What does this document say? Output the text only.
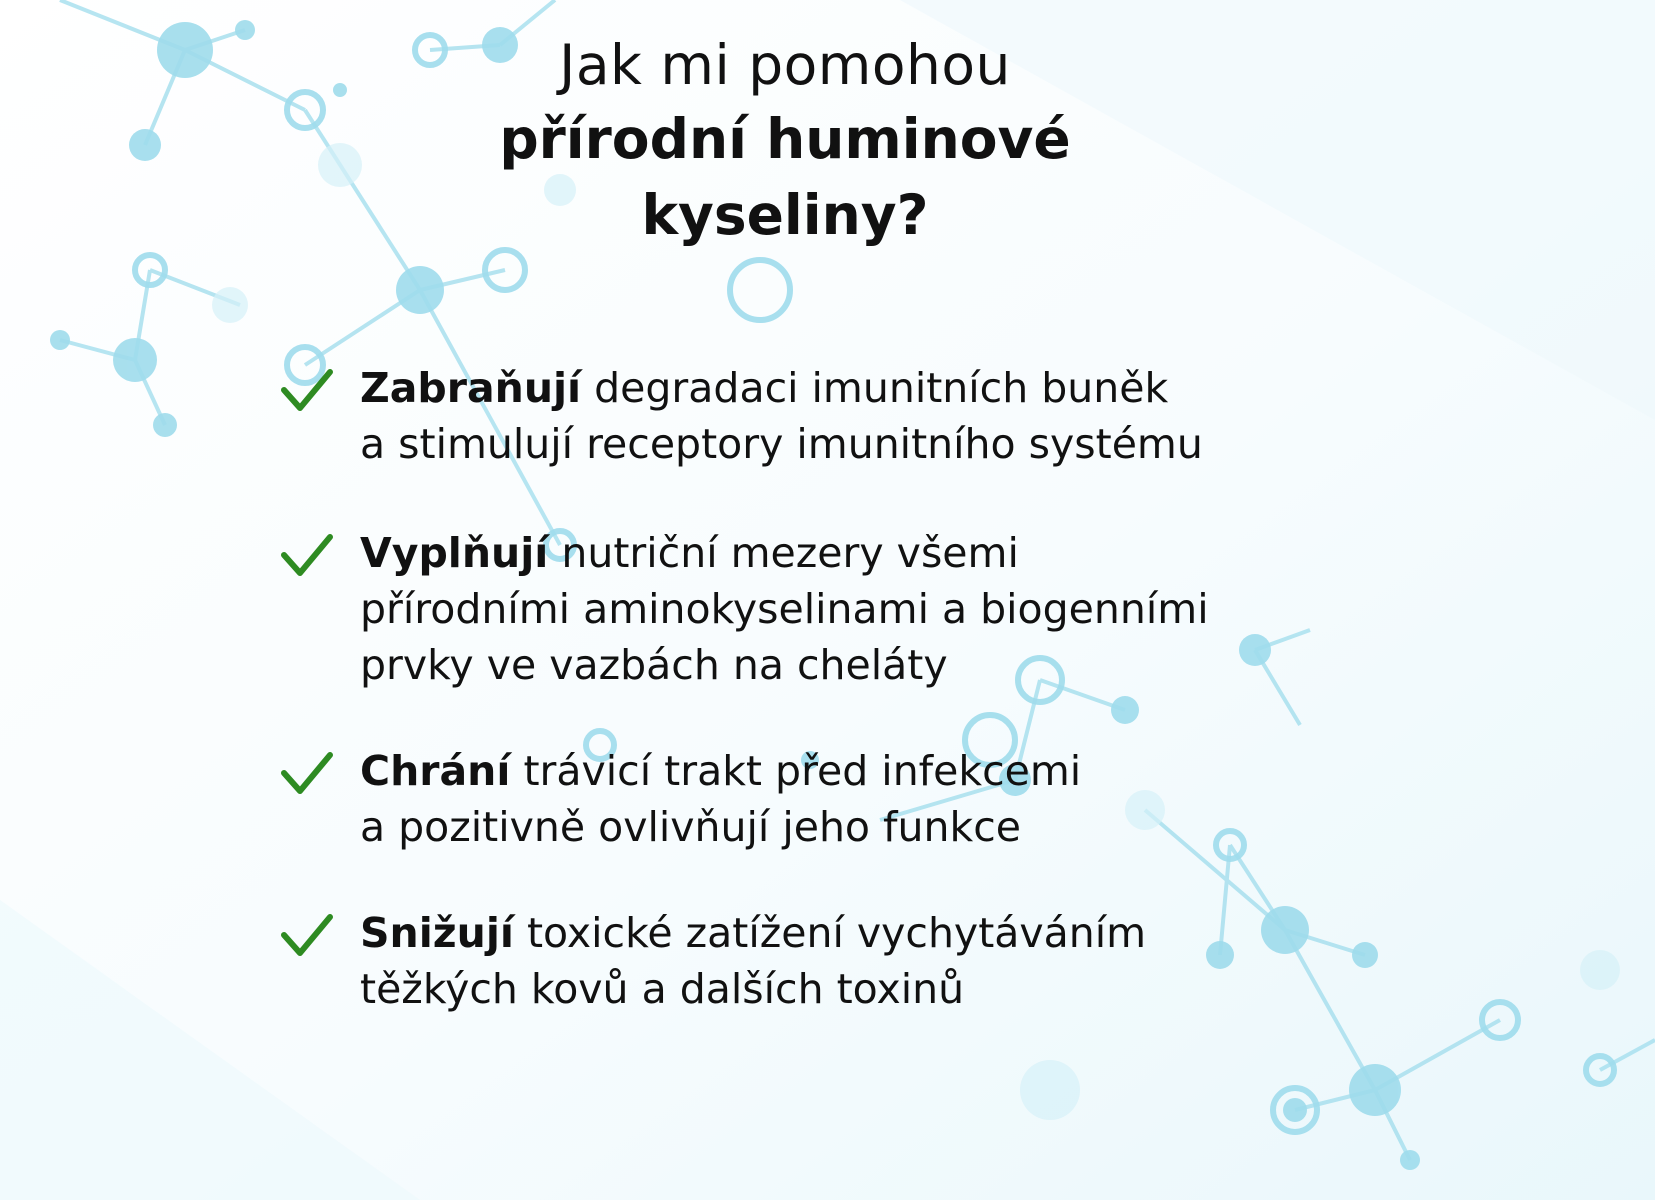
Jak mi pomohou
přírodní huminové
kyseliny?
Zabraňují degradaci imunitních buněk
a stimulují receptory imunitního systému
Vyplňují nutriční mezery všemi
přírodními aminokyselinami a biogenními
prvky ve vazbách na cheláty
Chrání trávicí trakt před infekcemi
a pozitivně ovlivňují jeho funkce
Snižují toxické zatížení vychytáváním
těžkých kovů a dalších toxinů
